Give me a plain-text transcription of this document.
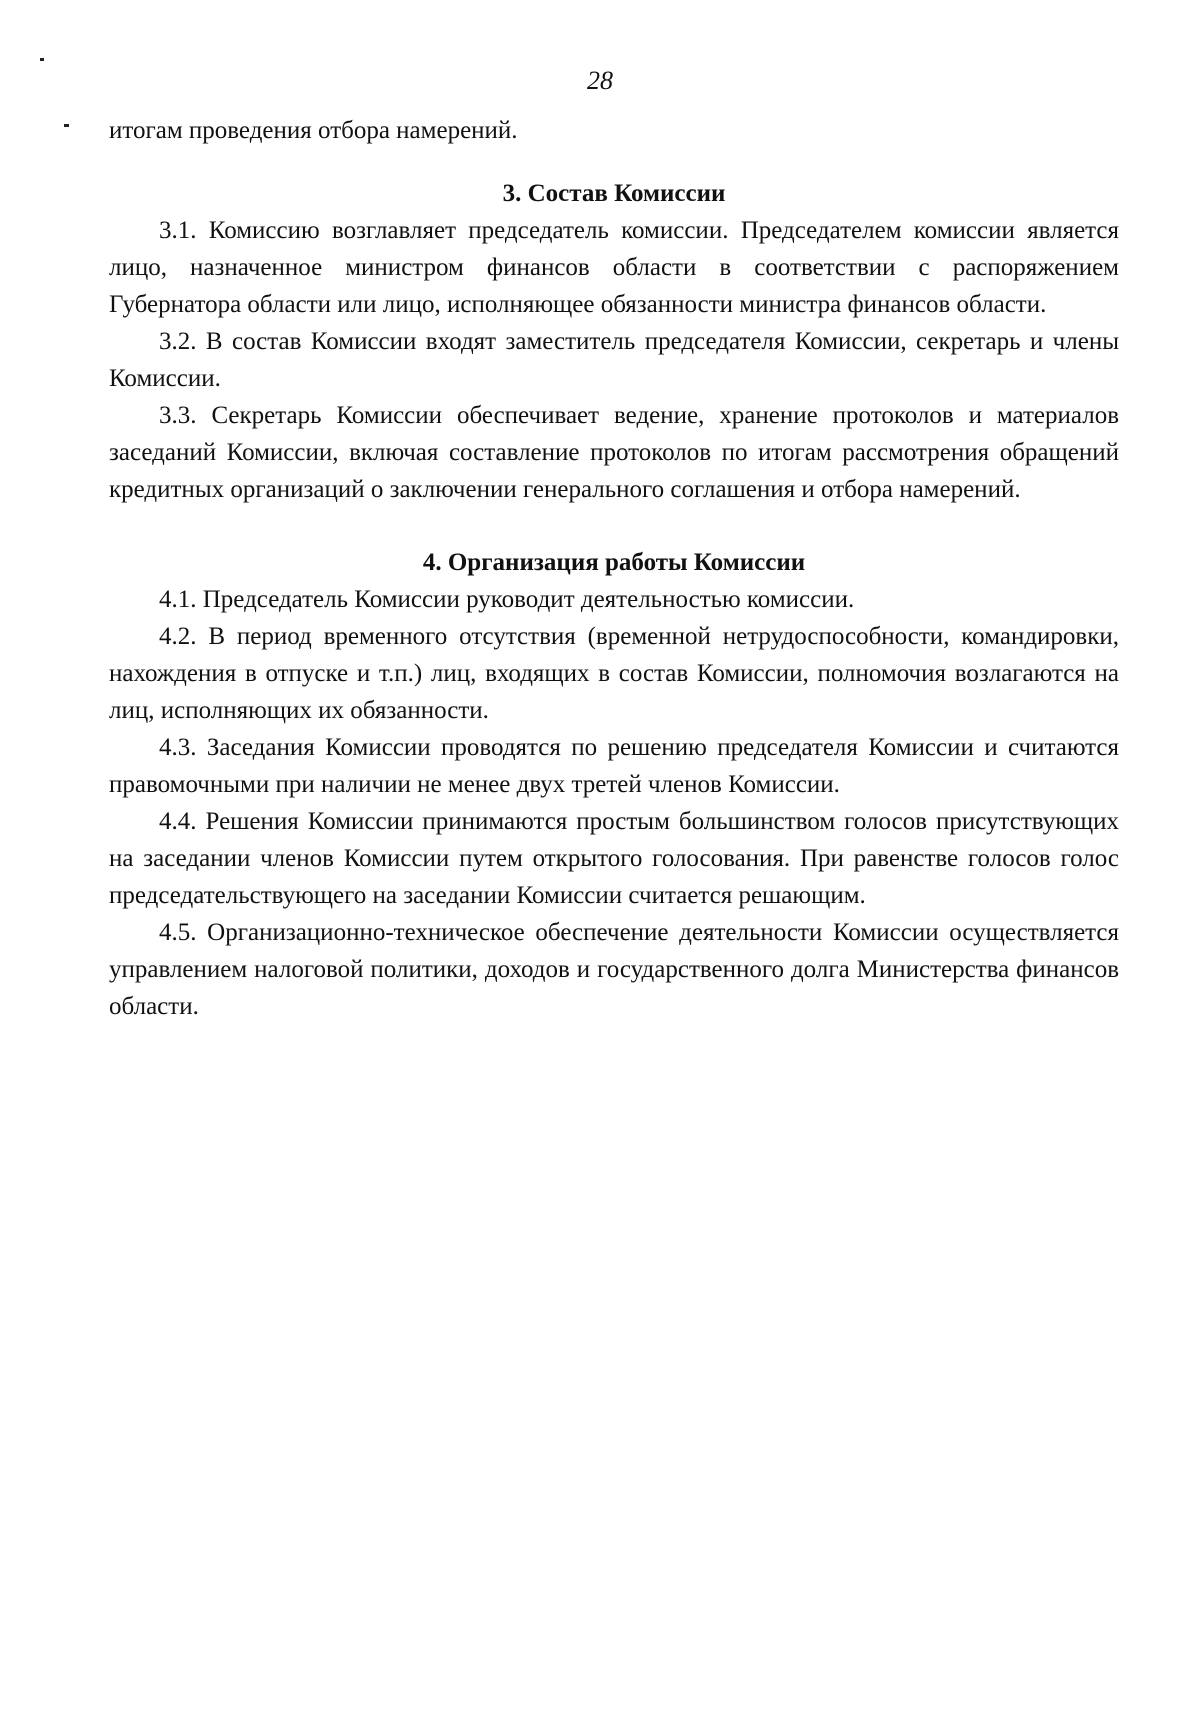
28

итогам проведения отбора намерений.

3. Состав Комиссии

3.1. Комиссию возглавляет председатель комиссии. Председателем комиссии является лицо, назначенное министром финансов области в соответствии с распоряжением Губернатора области или лицо, исполняющее обязанности министра финансов области.

3.2. В состав Комиссии входят заместитель председателя Комиссии, секретарь и члены Комиссии.

3.3. Секретарь Комиссии обеспечивает ведение, хранение протоколов и материалов заседаний Комиссии, включая составление протоколов по итогам рассмотрения обращений кредитных организаций о заключении генерального соглашения и отбора намерений.

4. Организация работы Комиссии

4.1. Председатель Комиссии руководит деятельностью комиссии.

4.2. В период временного отсутствия (временной нетрудоспособности, командировки, нахождения в отпуске и т.п.) лиц, входящих в состав Комиссии, полномочия возлагаются на лиц, исполняющих их обязанности.

4.3. Заседания Комиссии проводятся по решению председателя Комиссии и считаются правомочными при наличии не менее двух третей членов Комиссии.

4.4. Решения Комиссии принимаются простым большинством голосов присутствующих на заседании членов Комиссии путем открытого голосования. При равенстве голосов голос председательствующего на заседании Комиссии считается решающим.

4.5. Организационно-техническое обеспечение деятельности Комиссии осуществляется управлением налоговой политики, доходов и государственного долга Министерства финансов области.
